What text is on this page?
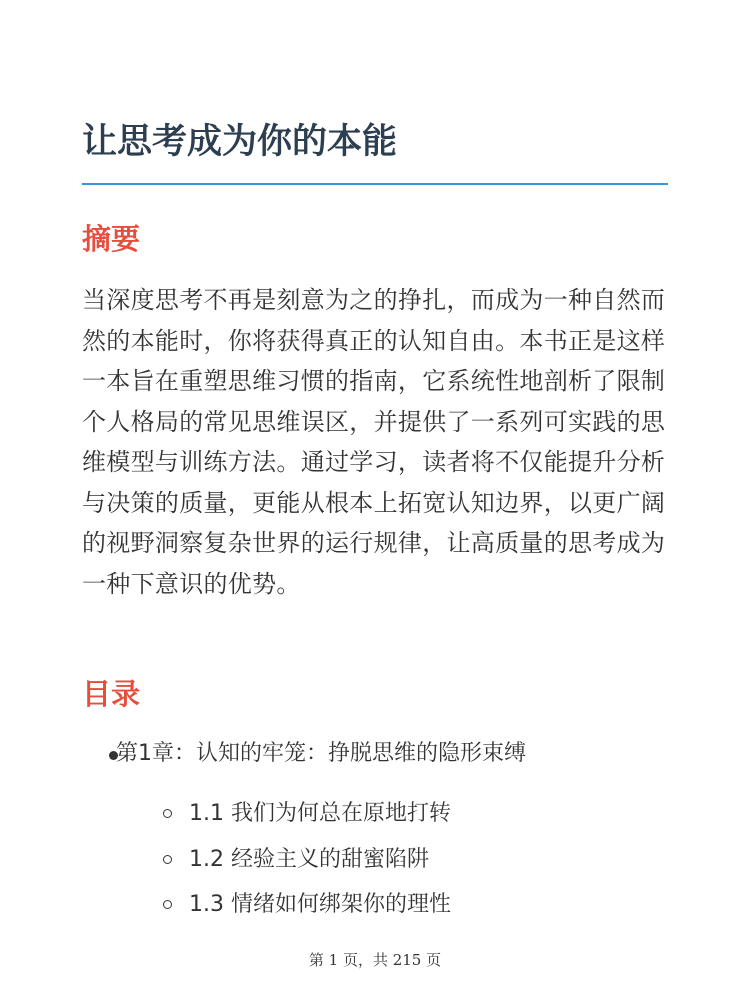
让思考成为你的本能
摘要

当深度思考不再是刻意为之的挣扎，而成为一种自然而然的本能时，你将获得真正的认知自由。本书正是这样一本旨在重塑思维习惯的指南，它系统性地剖析了限制个人格局的常见思维误区，并提供了一系列可实践的思维模型与训练方法。通过学习，读者将不仅能提升分析与决策的质量，更能从根本上拓宽认知边界，以更广阔的视野洞察复杂世界的运行规律，让高质量的思考成为一种下意识的优势。

目录
第1章：认知的牢笼：挣脱思维的隐形束缚
1.1 我们为何总在原地打转
1.2 经验主义的甜蜜陷阱
1.3 情绪如何绑架你的理性
第 1 页，共 215 页
